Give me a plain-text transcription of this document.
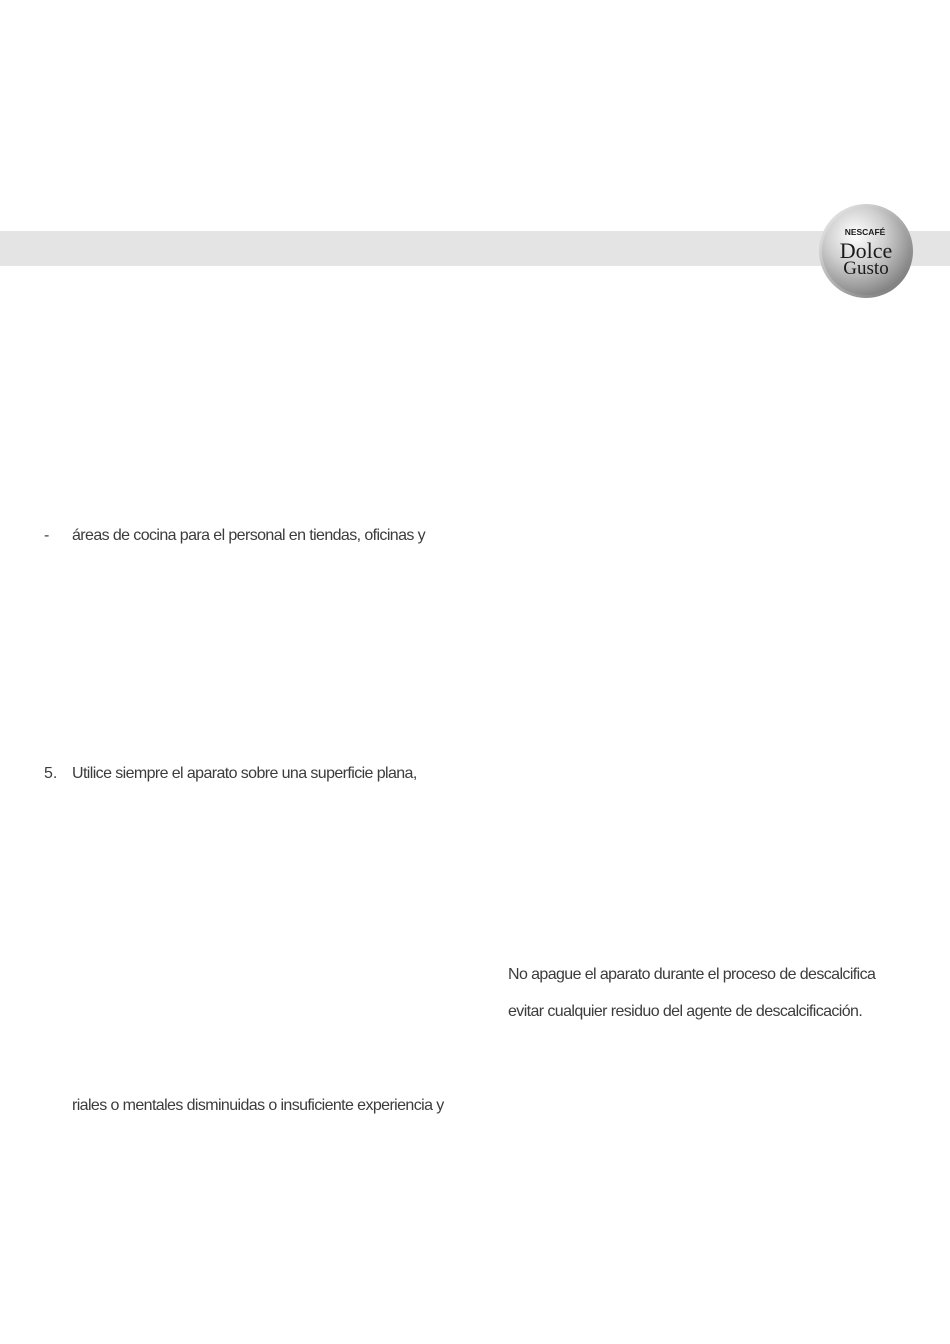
NESCAFÉ
Dolce
Gusto
- áreas de cocina para el personal en tiendas, oficinas y
5. Utilice siempre el aparato sobre una superficie plana,
No apague el aparato durante el proceso de descalcifica
evitar cualquier residuo del agente de descalcificación.
riales o mentales disminuidas o insuficiente experiencia y
